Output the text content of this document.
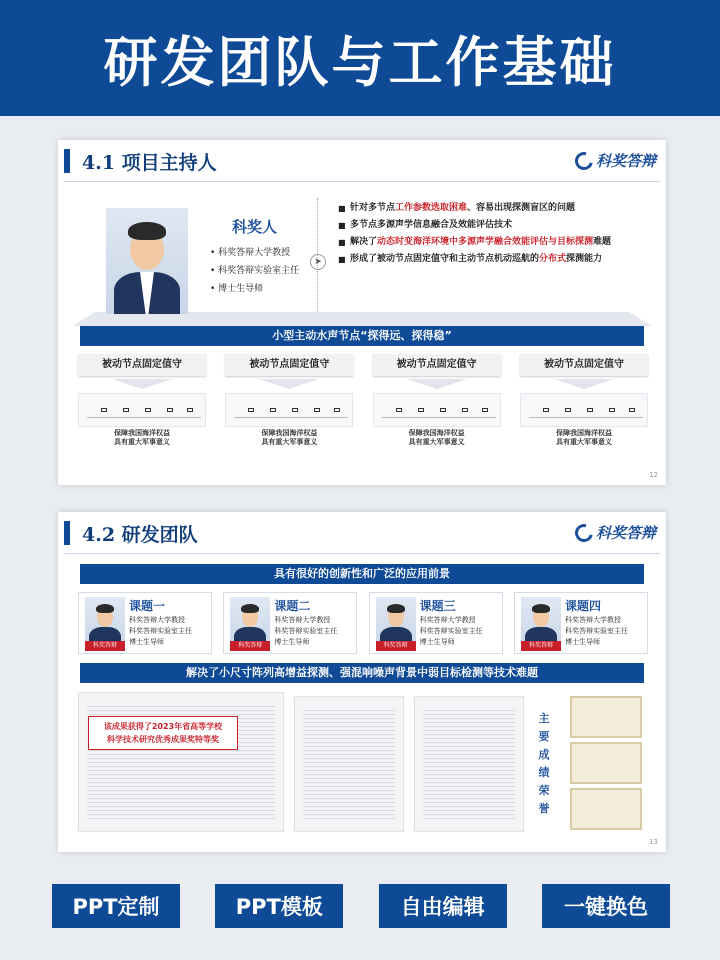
研发团队与工作基础
4.1 项目主持人	科奖答辩
科奖人
• 科奖答辩大学教授
• 科奖答辩实验室主任
• 博士生导师
➤
■ 针对多节点工作参数选取困难、容易出现探测盲区的问题
■ 多节点多源声学信息融合及效能评估技术
■ 解决了动态时变海洋环境中多源声学融合效能评估与目标探测难题
■ 形成了被动节点固定值守和主动节点机动巡航的分布式探测能力
小型主动水声节点“探得远、探得稳”
被动节点固定值守
保障我国海洋权益
具有重大军事意义
被动节点固定值守
保障我国海洋权益
具有重大军事意义
被动节点固定值守
保障我国海洋权益
具有重大军事意义
被动节点固定值守
保障我国海洋权益
具有重大军事意义
12
4.2 研发团队	科奖答辩
具有很好的创新性和广泛的应用前景
科奖答辩
课题一
科奖答辩大学教授
科奖答辩实验室主任
博士生导师	科奖答辩
课题二
科奖答辩大学教授
科奖答辩实验室主任
博士生导师	科奖答辩
课题三
科奖答辩大学教授
科奖答辩实验室主任
博士生导师	科奖答辩
课题四
科奖答辩大学教授
科奖答辩实验室主任
博士生导师
解决了小尺寸阵列高增益探测、强混响噪声背景中弱目标检测等技术难题
该成果获得了2023年省高等学校
科学技术研究优秀成果奖特等奖
主要成绩荣誉
13
PPT定制	PPT模板	自由编辑	一键换色
